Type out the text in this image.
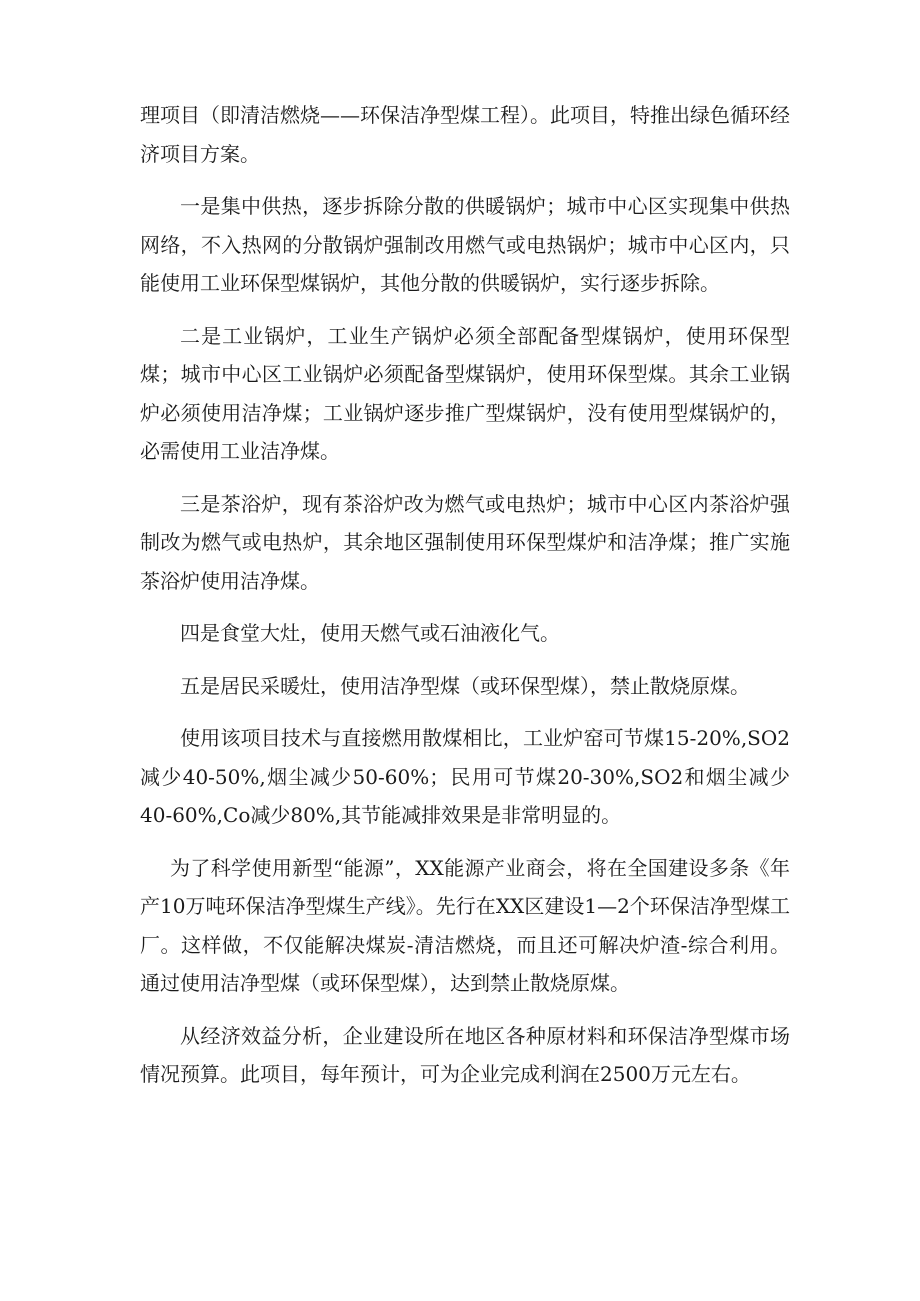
理项目（即清洁燃烧——环保洁净型煤工程）。此项目，特推出绿色循环经济项目方案。

一是集中供热，逐步拆除分散的供暖锅炉；城市中心区实现集中供热网络，不入热网的分散锅炉强制改用燃气或电热锅炉；城市中心区内，只能使用工业环保型煤锅炉，其他分散的供暖锅炉，实行逐步拆除。

二是工业锅炉，工业生产锅炉必须全部配备型煤锅炉，使用环保型煤；城市中心区工业锅炉必须配备型煤锅炉，使用环保型煤。其余工业锅炉必须使用洁净煤；工业锅炉逐步推广型煤锅炉，没有使用型煤锅炉的，必需使用工业洁净煤。

三是茶浴炉，现有茶浴炉改为燃气或电热炉；城市中心区内茶浴炉强制改为燃气或电热炉，其余地区强制使用环保型煤炉和洁净煤；推广实施茶浴炉使用洁净煤。

四是食堂大灶，使用天燃气或石油液化气。

五是居民采暖灶，使用洁净型煤（或环保型煤），禁止散烧原煤。

使用该项目技术与直接燃用散煤相比，工业炉窑可节煤15-20%,SO2减少40-50%,烟尘减少50-60%；民用可节煤20-30%,SO2和烟尘减少40-60%,Co减少80%,其节能减排效果是非常明显的。

为了科学使用新型“能源”，XX能源产业商会，将在全国建设多条《年产10万吨环保洁净型煤生产线》。先行在XX区建设1—2个环保洁净型煤工厂。这样做，不仅能解决煤炭-清洁燃烧，而且还可解决炉渣-综合利用。通过使用洁净型煤（或环保型煤），达到禁止散烧原煤。

从经济效益分析，企业建设所在地区各种原材料和环保洁净型煤市场情况预算。此项目，每年预计，可为企业完成利润在2500万元左右。
